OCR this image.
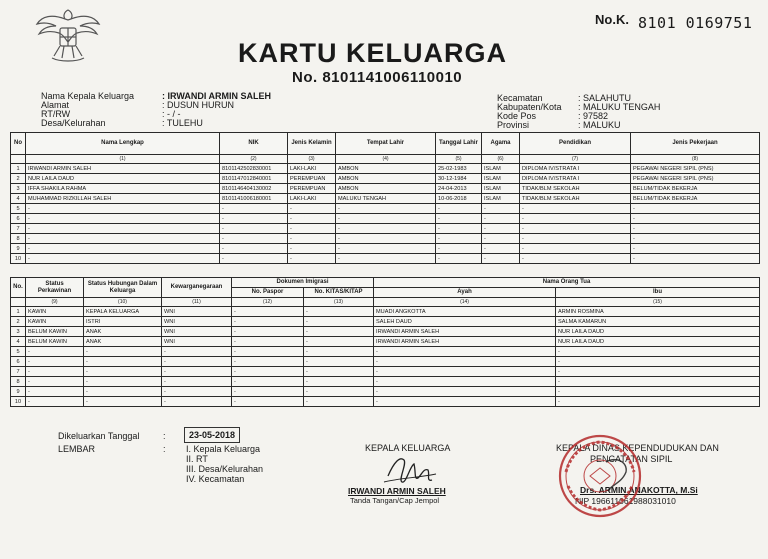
No.K. 8101 0169751
KARTU KELUARGA
No. 8101141006110010
Nama Kepala Keluarga	: IRWANDI ARMIN SALEH
Alamat	: DUSUN HURUN
RT/RW	: - / -
Desa/Kelurahan	: TULEHU
Kecamatan	: SALAHUTU
Kabupaten/Kota : MALUKU TENGAH
Kode Pos	: 97582
Provinsi	: MALUKU
No	Nama Lengkap	NIK	Jenis Kelamin	Tempat Lahir	Tanggal Lahir	Agama	Pendidikan	Jenis Pekerjaan
	(1)	(2)	(3)	(4)	(5)	(6)	(7)	(8)
1	IRWANDI ARMIN SALEH	8101142502830001	LAKI-LAKI	AMBON	25-02-1983	ISLAM	DIPLOMA IV/STRATA I	PEGAWAI NEGERI SIPIL (PNS)
2	NUR LAILA DAUD	8101147012840001	PEREMPUAN	AMBON	30-12-1984	ISLAM	DIPLOMA IV/STRATA I	PEGAWAI NEGERI SIPIL (PNS)
3	IFFA SHAKILA RAHMA	8101146404130002	PEREMPUAN	AMBON	24-04-2013	ISLAM	TIDAK/BLM SEKOLAH	BELUM/TIDAK BEKERJA
4	MUHAMMAD RIZKILLAH SALEH	8101141006180001	LAKI-LAKI	MALUKU TENGAH	10-06-2018	ISLAM	TIDAK/BLM SEKOLAH	BELUM/TIDAK BEKERJA
5	-	-	-	-	-	-	-	-
6	-	-	-	-	-	-	-	-
7	-	-	-	-	-	-	-	-
8	-	-	-	-	-	-	-	-
9	-	-	-	-	-	-	-	-
10	-	-	-	-	-	-	-	-
No.	Status Perkawinan	Status Hubungan Dalam Keluarga	Kewarganegaraan	Dokumen Imigrasi		Nama Orang Tua	
				No. Paspor	No. KITAS/KITAP	Ayah	Ibu
	(9)	(10)	(11)	(12)	(13)	(14)	(15)
1	KAWIN	KEPALA KELUARGA	WNI	-	-	MUADI ANGKOTTA	ARMIN ROSMINA
2	KAWIN	ISTRI	WNI	-	-	SALEH DAUD	SALMA KAMARUN
3	BELUM KAWIN	ANAK	WNI	-	-	IRWANDI ARMIN SALEH	NUR LAILA DAUD
4	BELUM KAWIN	ANAK	WNI	-	-	IRWANDI ARMIN SALEH	NUR LAILA DAUD
5	-	-	-	-	-	-	-
6	-	-	-	-	-	-	-
7	-	-	-	-	-	-	-
8	-	-	-	-	-	-	-
9	-	-	-	-	-	-	-
10	-	-	-	-	-	-	-
Dikeluarkan Tanggal	:	23-05-2018
LEMBAR	: I. Kepala Keluarga
II. RT
III. Desa/Kelurahan
IV. Kecamatan
KEPALA KELUARGA
IRWANDI ARMIN SALEH
Tanda Tangan/Cap Jempol
KEPALA DINAS KEPENDUDUKAN DAN
PENCATATAN SIPIL
Drs. ARMIN ANAKOTTA, M.Si
NIP 196611061988031010
